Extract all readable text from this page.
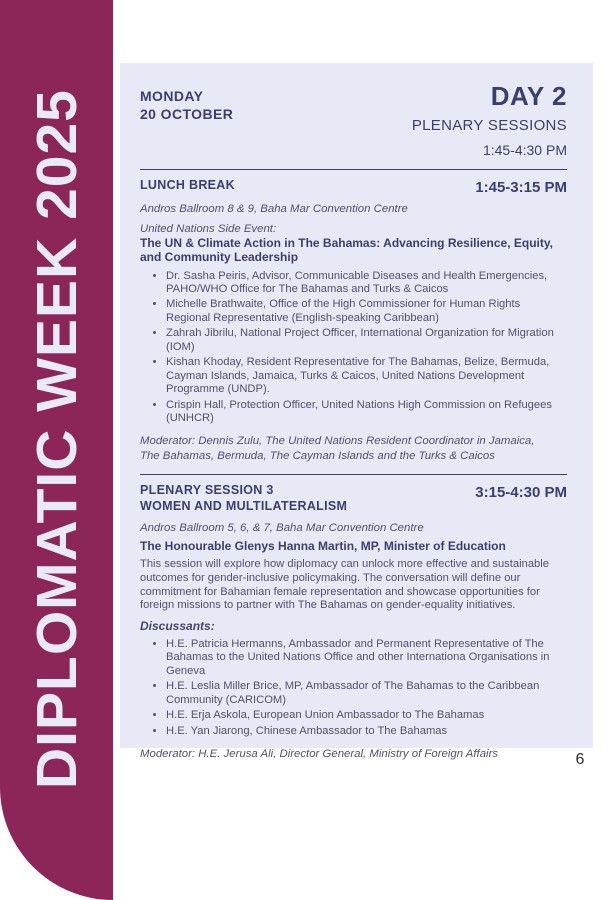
DIPLOMATIC WEEK 2025	MONDAY
20 OCTOBER
DAY 2
PLENARY SESSIONS
1:45-4:30 PM
LUNCH BREAK	1:45-3:15 PM
Andros Ballroom 8 & 9, Baha Mar Convention Centre
United Nations Side Event:
The UN & Climate Action in The Bahamas: Advancing Resilience, Equity, and Community Leadership
• Dr. Sasha Peiris, Advisor, Communicable Diseases and Health Emergencies, PAHO/WHO Office for The Bahamas and Turks & Caicos
• Michelle Brathwaite, Office of the High Commissioner for Human Rights Regional Representative (English-speaking Caribbean)
• Zahrah Jibrilu, National Project Officer, International Organization for Migration (IOM)
• Kishan Khoday, Resident Representative for The Bahamas, Belize, Bermuda, Cayman Islands, Jamaica, Turks & Caicos, United Nations Development Programme (UNDP).
• Crispin Hall, Protection Officer, United Nations High Commission on Refugees (UNHCR)
Moderator: Dennis Zulu, The United Nations Resident Coordinator in Jamaica, The Bahamas, Bermuda, The Cayman Islands and the Turks & Caicos
PLENARY SESSION 3
WOMEN AND MULTILATERALISM
3:15-4:30 PM
Andros Ballroom 5, 6, & 7, Baha Mar Convention Centre
The Honourable Glenys Hanna Martin, MP, Minister of Education
This session will explore how diplomacy can unlock more effective and sustainable outcomes for gender-inclusive policymaking. The conversation will define our commitment for Bahamian female representation and showcase opportunities for foreign missions to partner with The Bahamas on gender-equality initiatives.
Discussants:
• H.E. Patricia Hermanns, Ambassador and Permanent Representative of The Bahamas to the United Nations Office and other Internationa Organisations in Geneva
• H.E. Leslia Miller Brice, MP, Ambassador of The Bahamas to the Caribbean Community (CARICOM)
• H.E. Erja Askola, European Union Ambassador to The Bahamas
• H.E. Yan Jiarong, Chinese Ambassador to The Bahamas
Moderator: H.E. Jerusa Ali, Director General, Ministry of Foreign Affairs	6
